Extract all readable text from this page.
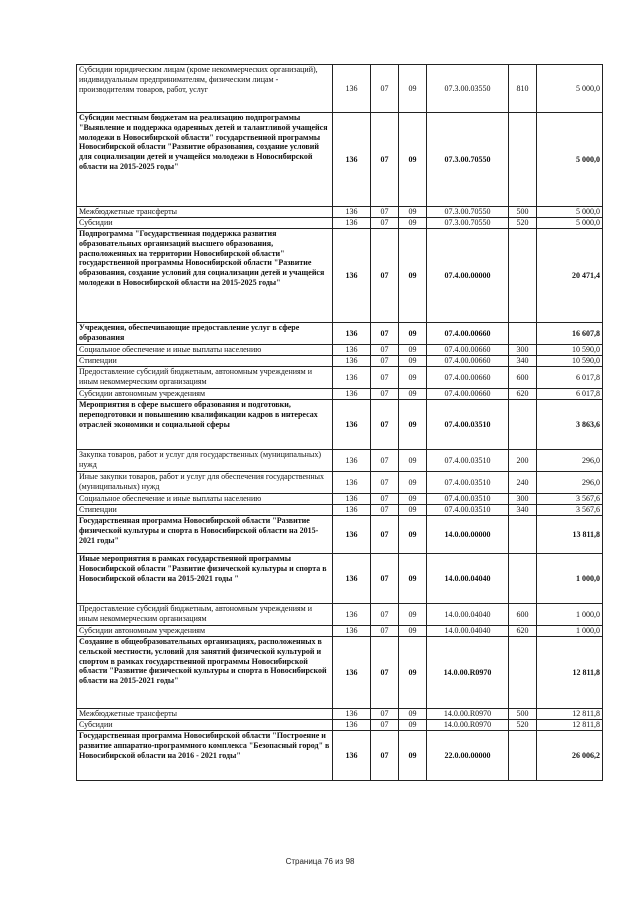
Субсидии юридическим лицам (кроме некоммерческих организаций), индивидуальным предпринимателям, физическим лицам - производителям товаров, работ, услуг	136	07	09	07.3.00.03550	810	5 000,0
Субсидии местным бюджетам на реализацию подпрограммы "Выявление и поддержка одаренных детей и талантливой учащейся молодежи в Новосибирской области" государственной программы Новосибирской области "Развитие образования, создание условий для социализации детей и учащейся молодежи в Новосибирской области на 2015-2025 годы"	136	07	09	07.3.00.70550		5 000,0
Межбюджетные трансферты	136	07	09	07.3.00.70550	500	5 000,0
Субсидии	136	07	09	07.3.00.70550	520	5 000,0
Подпрограмма "Государственная поддержка развития образовательных организаций высшего образования, расположенных на территории Новосибирской области" государственной программы Новосибирской области "Развитие образования, создание условий для социализации детей и учащейся молодежи в Новосибирской области на 2015-2025 годы"	136	07	09	07.4.00.00000		20 471,4
Учреждения, обеспечивающие предоставление услуг в сфере образования	136	07	09	07.4.00.00660		16 607,8
Социальное обеспечение и иные выплаты населению	136	07	09	07.4.00.00660	300	10 590,0
Стипендии	136	07	09	07.4.00.00660	340	10 590,0
Предоставление субсидий бюджетным, автономным учреждениям и иным некоммерческим организациям	136	07	09	07.4.00.00660	600	6 017,8
Субсидии автономным учреждениям	136	07	09	07.4.00.00660	620	6 017,8
Мероприятия в сфере высшего образования и подготовки, переподготовки и повышению квалификации кадров в интересах отраслей экономики и социальной сферы	136	07	09	07.4.00.03510		3 863,6
Закупка товаров, работ и услуг для государственных (муниципальных) нужд	136	07	09	07.4.00.03510	200	296,0
Иные закупки товаров, работ и услуг для обеспечения государственных (муниципальных) нужд	136	07	09	07.4.00.03510	240	296,0
Социальное обеспечение и иные выплаты населению	136	07	09	07.4.00.03510	300	3 567,6
Стипендии	136	07	09	07.4.00.03510	340	3 567,6
Государственная программа Новосибирской области "Развитие физической культуры и спорта в Новосибирской области на 2015-2021 годы"	136	07	09	14.0.00.00000		13 811,8
Иные мероприятия в рамках государственной программы Новосибирской области "Развитие физической культуры и спорта в Новосибирской области на 2015-2021 годы "	136	07	09	14.0.00.04040		1 000,0
Предоставление субсидий бюджетным, автономным учреждениям и иным некоммерческим организациям	136	07	09	14.0.00.04040	600	1 000,0
Субсидии автономным учреждениям	136	07	09	14.0.00.04040	620	1 000,0
Создание в общеобразовательных организациях, расположенных в сельской местности, условий для занятий физической культурой и спортом в рамках государственной программы Новосибирской области "Развитие физической культуры и спорта в Новосибирской области на 2015-2021 годы"	136	07	09	14.0.00.R0970		12 811,8
Межбюджетные трансферты	136	07	09	14.0.00.R0970	500	12 811,8
Субсидии	136	07	09	14.0.00.R0970	520	12 811,8
Государственная программа Новосибирской области "Построение и развитие аппаратно-программного комплекса "Безопасный город" в Новосибирской области на 2016 - 2021 годы"	136	07	09	22.0.00.00000		26 006,2
Страница 76 из 98
